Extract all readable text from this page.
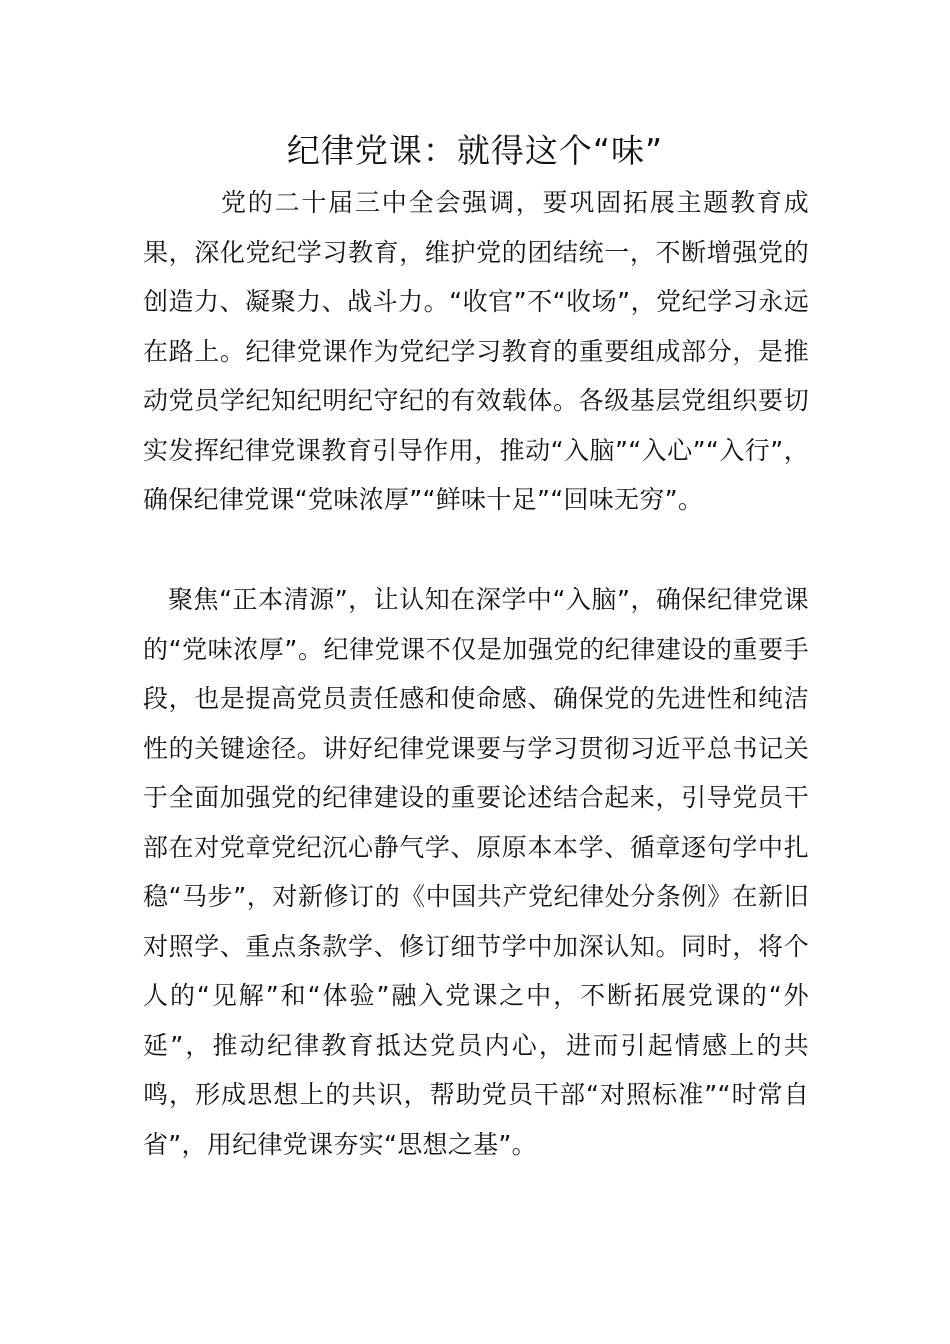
纪律党课：就得这个“味”

党的二十届三中全会强调，要巩固拓展主题教育成果，深化党纪学习教育，维护党的团结统一，不断增强党的创造力、凝聚力、战斗力。“收官”不“收场”，党纪学习永远在路上。纪律党课作为党纪学习教育的重要组成部分，是推动党员学纪知纪明纪守纪的有效载体。各级基层党组织要切实发挥纪律党课教育引导作用，推动“入脑”“入心”“入行”，确保纪律党课“党味浓厚”“鲜味十足”“回味无穷”。

聚焦“正本清源”，让认知在深学中“入脑”，确保纪律党课的“党味浓厚”。纪律党课不仅是加强党的纪律建设的重要手段，也是提高党员责任感和使命感、确保党的先进性和纯洁性的关键途径。讲好纪律党课要与学习贯彻习近平总书记关于全面加强党的纪律建设的重要论述结合起来，引导党员干部在对党章党纪沉心静气学、原原本本学、循章逐句学中扎稳“马步”，对新修订的《中国共产党纪律处分条例》在新旧对照学、重点条款学、修订细节学中加深认知。同时，将个人的“见解”和“体验”融入党课之中，不断拓展党课的“外延”，推动纪律教育抵达党员内心，进而引起情感上的共鸣，形成思想上的共识，帮助党员干部“对照标准”“时常自省”，用纪律党课夯实“思想之基”。
